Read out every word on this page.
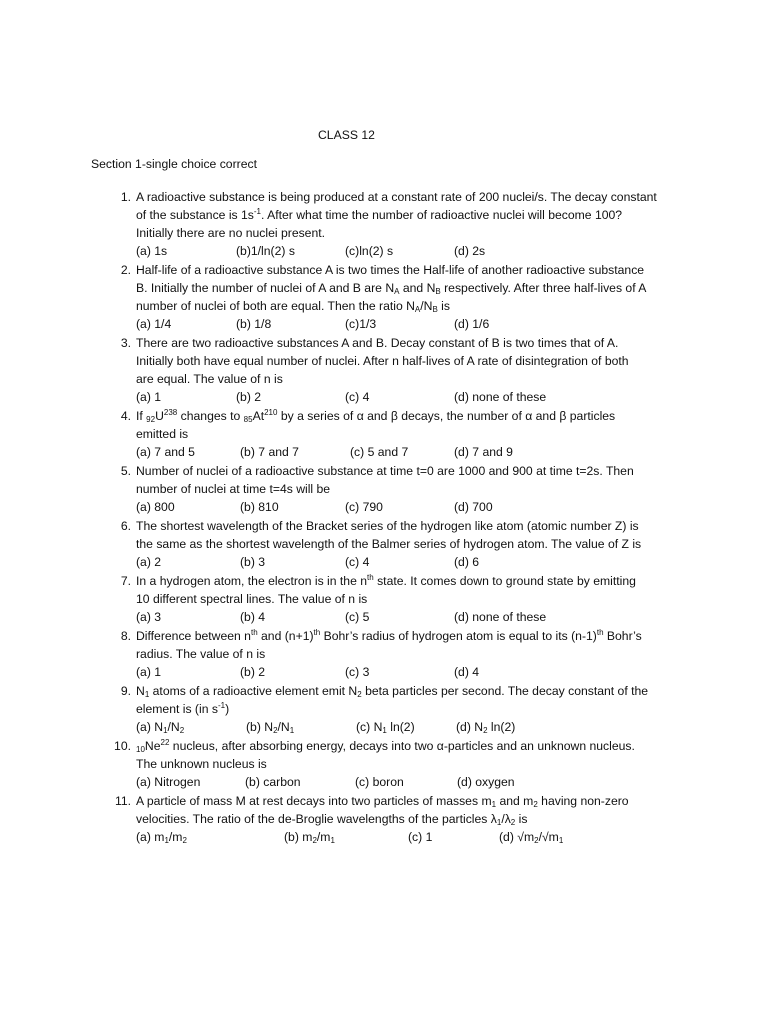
CLASS 12
Section 1-single choice correct
1. A radioactive substance is being produced at a constant rate of 200 nuclei/s. The decay constant
of the substance is $1s^{-1}$. After what time the number of radioactive nuclei will become 100?
Initially there are no nuclei present.
(a) 1s	(b)1/ln(2) s	(c)ln(2) s	(d) 2s
2. Half-life of a radioactive substance A is two times the Half-life of another radioactive substance
B. Initially the number of nuclei of A and B are $N_A$ and $N_B$ respectively. After three half-lives of A
number of nuclei of both are equal. Then the ratio $N_A/N_B$ is
(a) 1/4	(b) 1/8	(c)1/3	(d) 1/6
3. There are two radioactive substances A and B. Decay constant of B is two times that of A.
Initially both have equal number of nuclei. After n half-lives of A rate of disintegration of both
are equal. The value of n is
(a) 1	(b) 2	(c) 4	(d) none of these
4. If $_{92}U^{238}$ changes to $_{85}At^{210}$ by a series of α and β decays, the number of α and β particles
emitted is
(a) 7 and 5	(b) 7 and 7	(c) 5 and 7	(d) 7 and 9
5. Number of nuclei of a radioactive substance at time t=0 are 1000 and 900 at time t=2s. Then
number of nuclei at time t=4s will be
(a) 800	(b) 810	(c) 790	(d) 700
6. The shortest wavelength of the Bracket series of the hydrogen like atom (atomic number Z) is
the same as the shortest wavelength of the Balmer series of hydrogen atom. The value of Z is
(a) 2	(b) 3	(c) 4	(d) 6
7. In a hydrogen atom, the electron is in the $n^{th}$ state. It comes down to ground state by emitting
10 different spectral lines. The value of n is
(a) 3	(b) 4	(c) 5	(d) none of these
8. Difference between $n^{th}$ and $(n+1)^{th}$ Bohr’s radius of hydrogen atom is equal to its $(n-1)^{th}$ Bohr’s
radius. The value of n is
(a) 1	(b) 2	(c) 3	(d) 4
9. $N_1$ atoms of a radioactive element emit $N_2$ beta particles per second. The decay constant of the
element is (in $s^{-1}$)
(a) $N_1/N_2$	(b) $N_2/N_1$	(c) $N_1$ ln(2)	(d) $N_2$ ln(2)
10. $_{10}Ne^{22}$ nucleus, after absorbing energy, decays into two α-particles and an unknown nucleus.
The unknown nucleus is
(a) Nitrogen	(b) carbon	(c) boron	(d) oxygen
11. A particle of mass M at rest decays into two particles of masses $m_1$ and $m_2$ having non-zero
velocities. The ratio of the de-Broglie wavelengths of the particles $\lambda_1/\lambda_2$ is
(a) $m_1/m_2$	(b) $m_2/m_1$	(c) 1	(d) $√m_2/√m_1$
